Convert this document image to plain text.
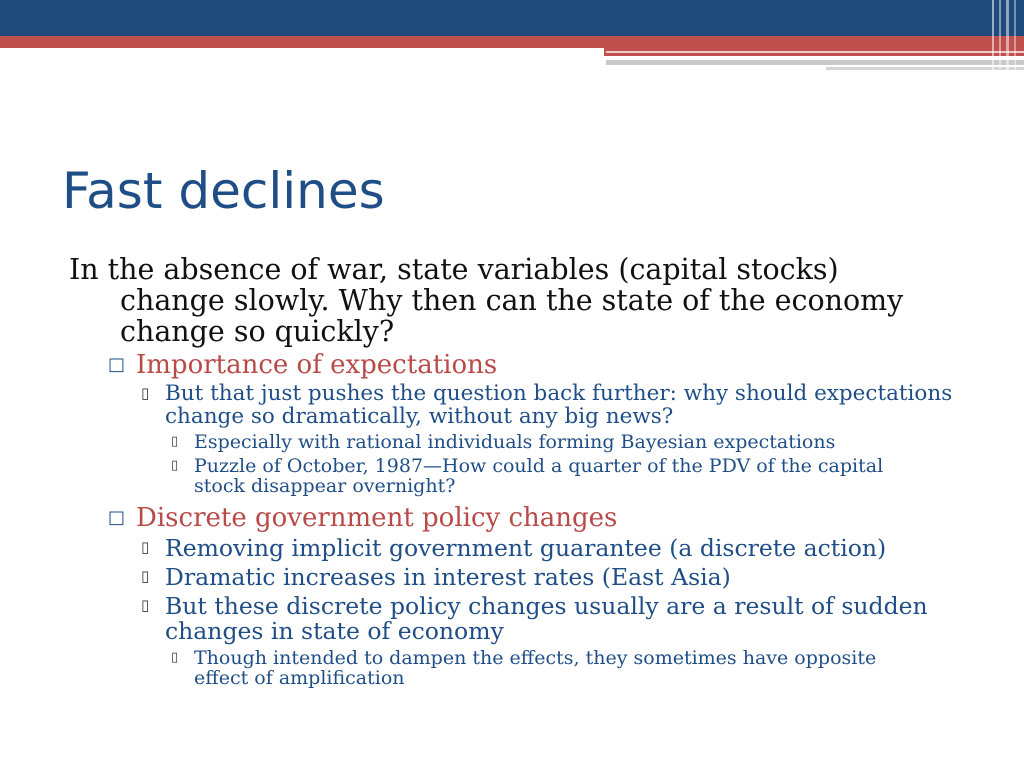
Fast declines

In the absence of war, state variables (capital stocks) change slowly. Why then can the state of the economy change so quickly?

□ Importance of expectations

▯ But that just pushes the question back further: why should expectations change so dramatically, without any big news?

▯ Especially with rational individuals forming Bayesian expectations

▯ Puzzle of October, 1987—How could a quarter of the PDV of the capital stock disappear overnight?

□ Discrete government policy changes

▯ Removing implicit government guarantee (a discrete action)

▯ Dramatic increases in interest rates (East Asia)

▯ But these discrete policy changes usually are a result of sudden changes in state of economy

▯ Though intended to dampen the effects, they sometimes have opposite effect of amplification
